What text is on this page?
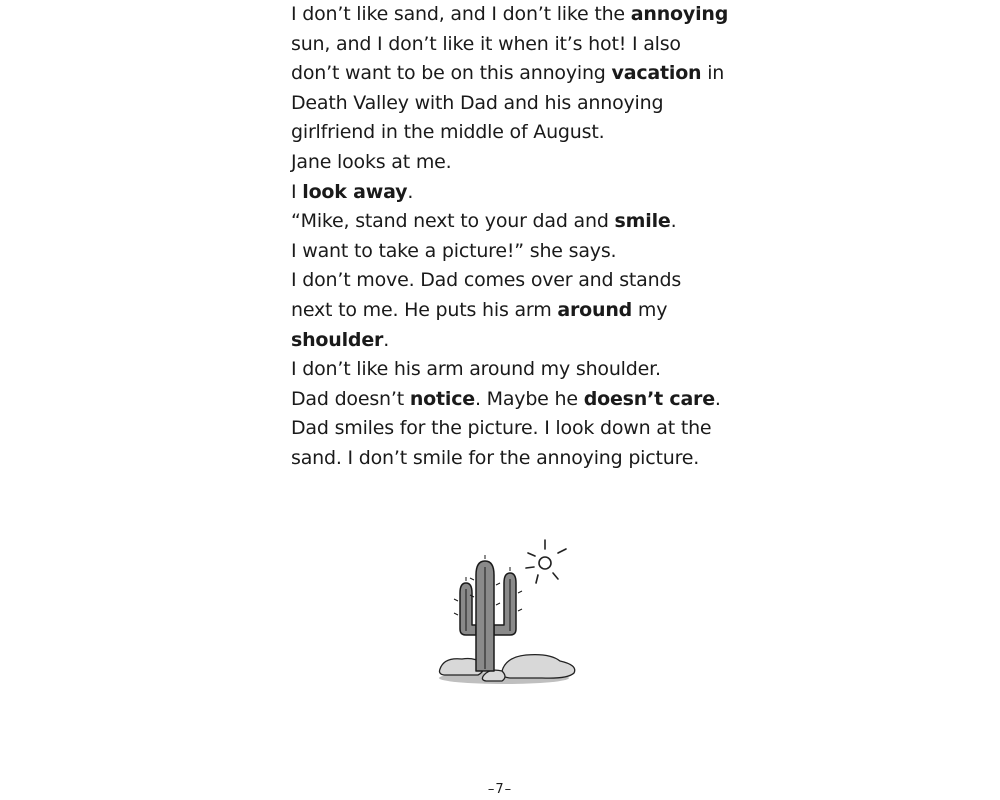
I don’t like sand, and I don’t like the annoying
sun, and I don’t like it when it’s hot! I also
don’t want to be on this annoying vacation in
Death Valley with Dad and his annoying
girlfriend in the middle of August.
Jane looks at me.
I look away.
“Mike, stand next to your dad and smile.
I want to take a picture!” she says.
I don’t move. Dad comes over and stands
next to me. He puts his arm around my
shoulder.
I don’t like his arm around my shoulder.
Dad doesn’t notice. Maybe he doesn’t care.
Dad smiles for the picture. I look down at the
sand. I don’t smile for the annoying picture.
–7–
